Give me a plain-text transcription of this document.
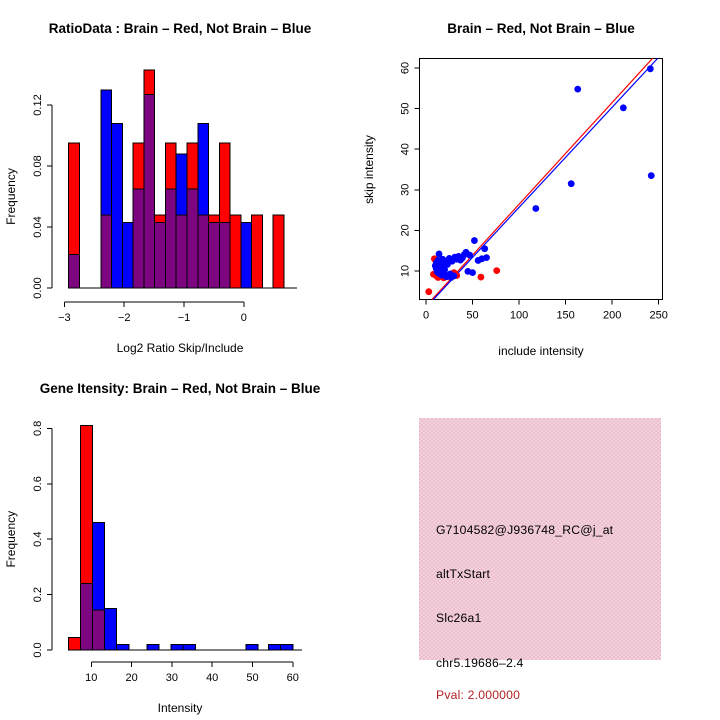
RatioData : Brain – Red, Not Brain – Blue
0.00
0.04
0.08
0.12
Frequency
−3	−2	−1	0
Log2 Ratio Skip/Include
Brain – Red, Not Brain – Blue
10
20
30
40
50
60
skip intensity
0	50	100	150	200	250
include intensity
Gene Itensity: Brain – Red, Not Brain – Blue
0.0
0.2
0.4
0.6
0.8
Frequency
10	20	30	40	50	60
Intensity
G7104582@J936748_RC@j_at
altTxStart
Slc26a1
chr5.19686–2.4
Pval: 2.000000
